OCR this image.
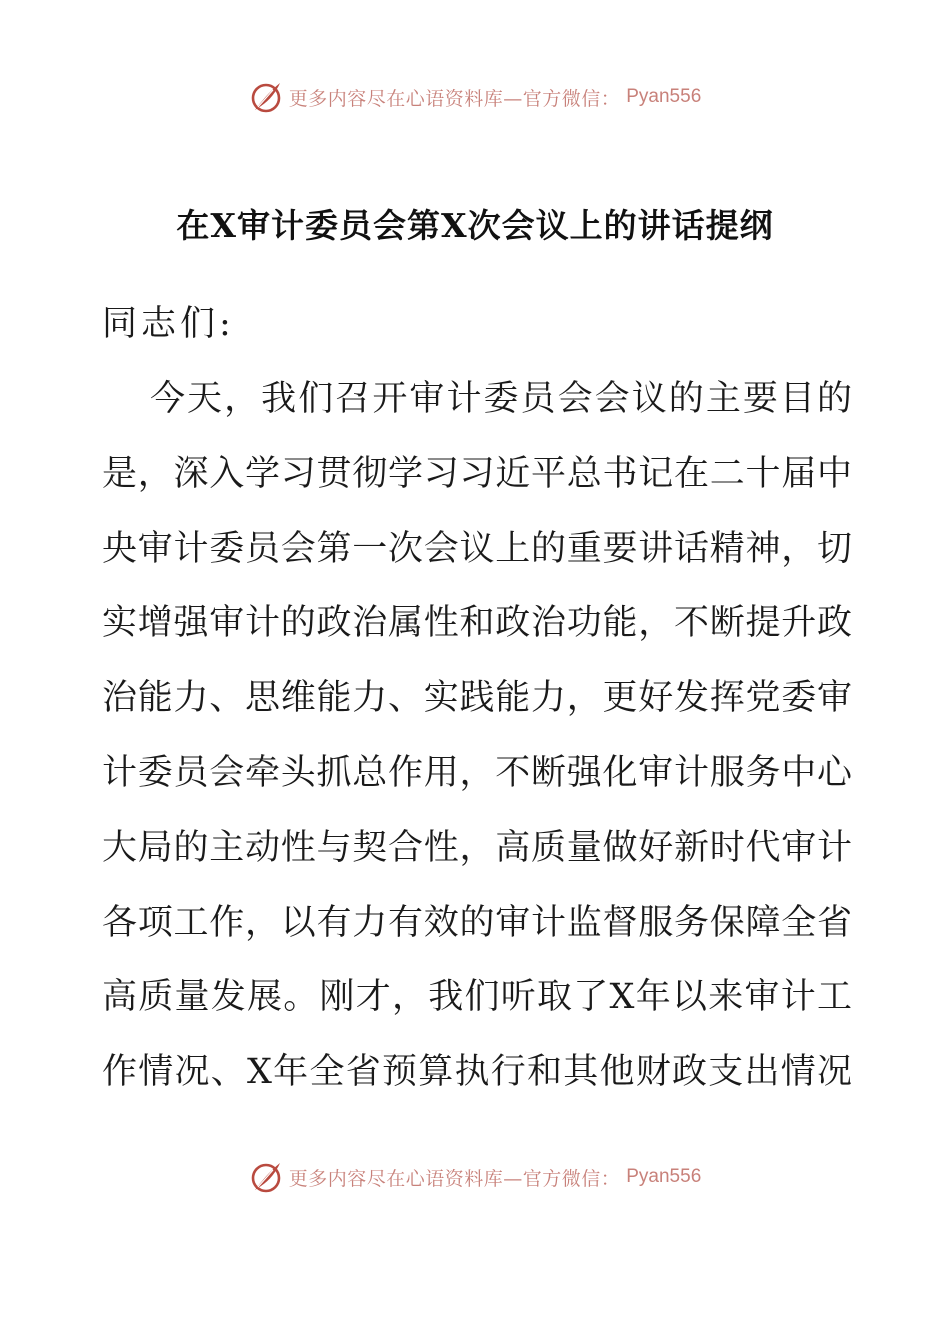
更多内容尽在心语资料库—官方微信： Pyan556
在X审计委员会第X次会议上的讲话提纲

同志们:

今天，我们召开审计委员会会议的主要目的
是，深入学习贯彻学习习近平总书记在二十届中
央审计委员会第一次会议上的重要讲话精神，切
实增强审计的政治属性和政治功能，不断提升政
治能力、思维能力、实践能力，更好发挥党委审
计委员会牵头抓总作用，不断强化审计服务中心
大局的主动性与契合性，高质量做好新时代审计
各项工作，以有力有效的审计监督服务保障全省
高质量发展。刚才，我们听取了X年以来审计工
作情况、X年全省预算执行和其他财政支出情况
更多内容尽在心语资料库—官方微信： Pyan556
